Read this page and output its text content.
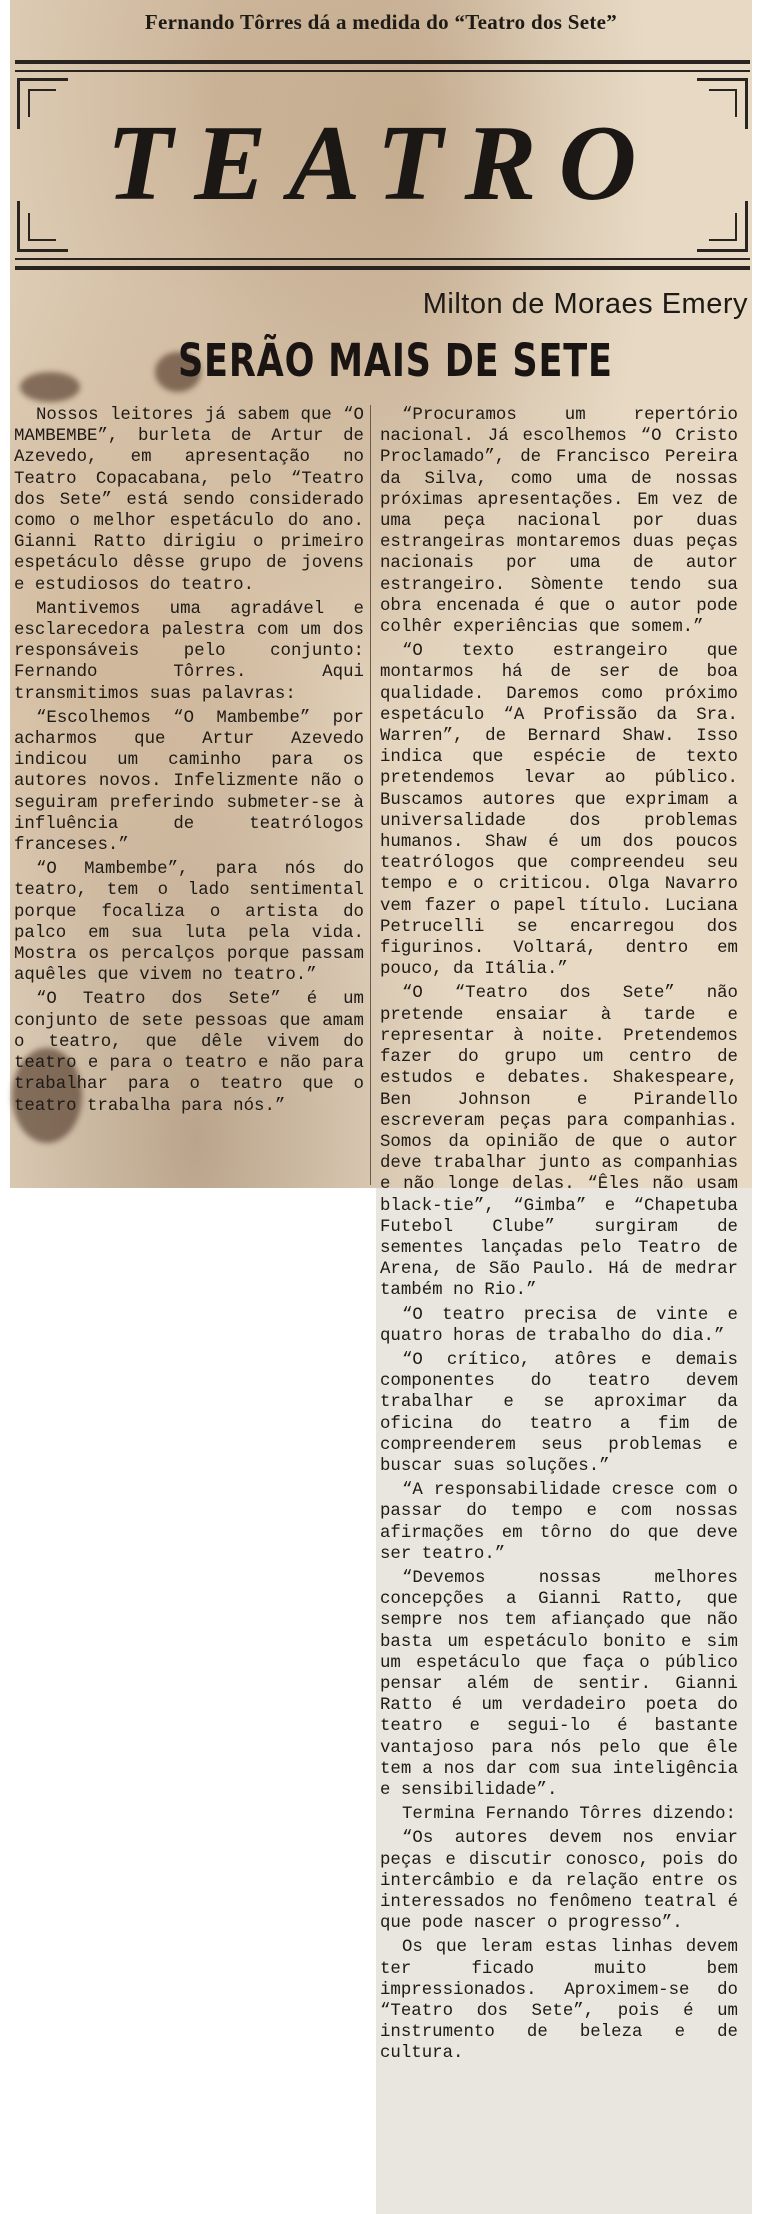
Fernando Tôrres dá a medida do “Teatro dos Sete”
TEATRO
Milton de Moraes Emery
SERÃO MAIS DE SETE

Nossos leitores já sabem que “O MAMBEMBE”, burleta de Artur de Azevedo, em apresentação no Teatro Copacabana, pelo “Teatro dos Sete” está sendo considerado como o melhor espetáculo do ano. Gianni Ratto dirigiu o primeiro espetáculo dêsse grupo de jovens e estudiosos do teatro.

Mantivemos uma agradável e esclarecedora palestra com um dos responsáveis pelo conjunto: Fernando Tôrres. Aqui transmitimos suas palavras:

“Escolhemos “O Mambembe” por acharmos que Artur Azevedo indicou um caminho para os autores novos. Infelizmente não o seguiram preferindo submeter-se à influência de teatrólogos franceses.”

“O Mambembe”, para nós do teatro, tem o lado sentimental porque focaliza o artista do palco em sua luta pela vida. Mostra os percalços porque passam aquêles que vivem no teatro.”

“O Teatro dos Sete” é um conjunto de sete pessoas que amam o teatro, que dêle vivem do teatro e para o teatro e não para trabalhar para o teatro que o teatro trabalha para nós.”

“Procuramos um repertório nacional. Já escolhemos “O Cristo Proclamado”, de Francisco Pereira da Silva, como uma de nossas próximas apresentações. Em vez de uma peça nacional por duas estrangeiras montaremos duas peças nacionais por uma de autor estrangeiro. Sòmente tendo sua obra encenada é que o autor pode colhêr experiências que somem.”

“O texto estrangeiro que montarmos há de ser de boa qualidade. Daremos como próximo espetáculo “A Profissão da Sra. Warren”, de Bernard Shaw. Isso indica que espécie de texto pretendemos levar ao público. Buscamos autores que exprimam a universalidade dos problemas humanos. Shaw é um dos poucos teatrólogos que compreendeu seu tempo e o criticou. Olga Navarro vem fazer o papel título. Luciana Petrucelli se encarregou dos figurinos. Voltará, dentro em pouco, da Itália.”

“O “Teatro dos Sete” não pretende ensaiar à tarde e representar à noite. Pretendemos fazer do grupo um centro de estudos e debates. Shakespeare, Ben Johnson e Pirandello escreveram peças para companhias. Somos da opinião de que o autor deve trabalhar junto as companhias e não longe delas. “Êles não usam black-tie”, “Gimba” e “Chapetuba Futebol Clube” surgiram de sementes lançadas pelo Teatro de Arena, de São Paulo. Há de medrar também no Rio.”

“O teatro precisa de vinte e quatro horas de trabalho do dia.”

“O crítico, atôres e demais componentes do teatro devem trabalhar e se aproximar da oficina do teatro a fim de compreenderem seus problemas e buscar suas soluções.”

“A responsabilidade cresce com o passar do tempo e com nossas afirmações em tôrno do que deve ser teatro.”

“Devemos nossas melhores concepções a Gianni Ratto, que sempre nos tem afiançado que não basta um espetáculo bonito e sim um espetáculo que faça o público pensar além de sentir. Gianni Ratto é um verdadeiro poeta do teatro e segui-lo é bastante vantajoso para nós pelo que êle tem a nos dar com sua inteligência e sensibilidade”.

Termina Fernando Tôrres dizendo:

“Os autores devem nos enviar peças e discutir conosco, pois do intercâmbio e da relação entre os interessados no fenômeno teatral é que pode nascer o progresso”.

Os que leram estas linhas devem ter ficado muito bem impressionados. Aproximem-se do “Teatro dos Sete”, pois é um instrumento de beleza e de cultura.
